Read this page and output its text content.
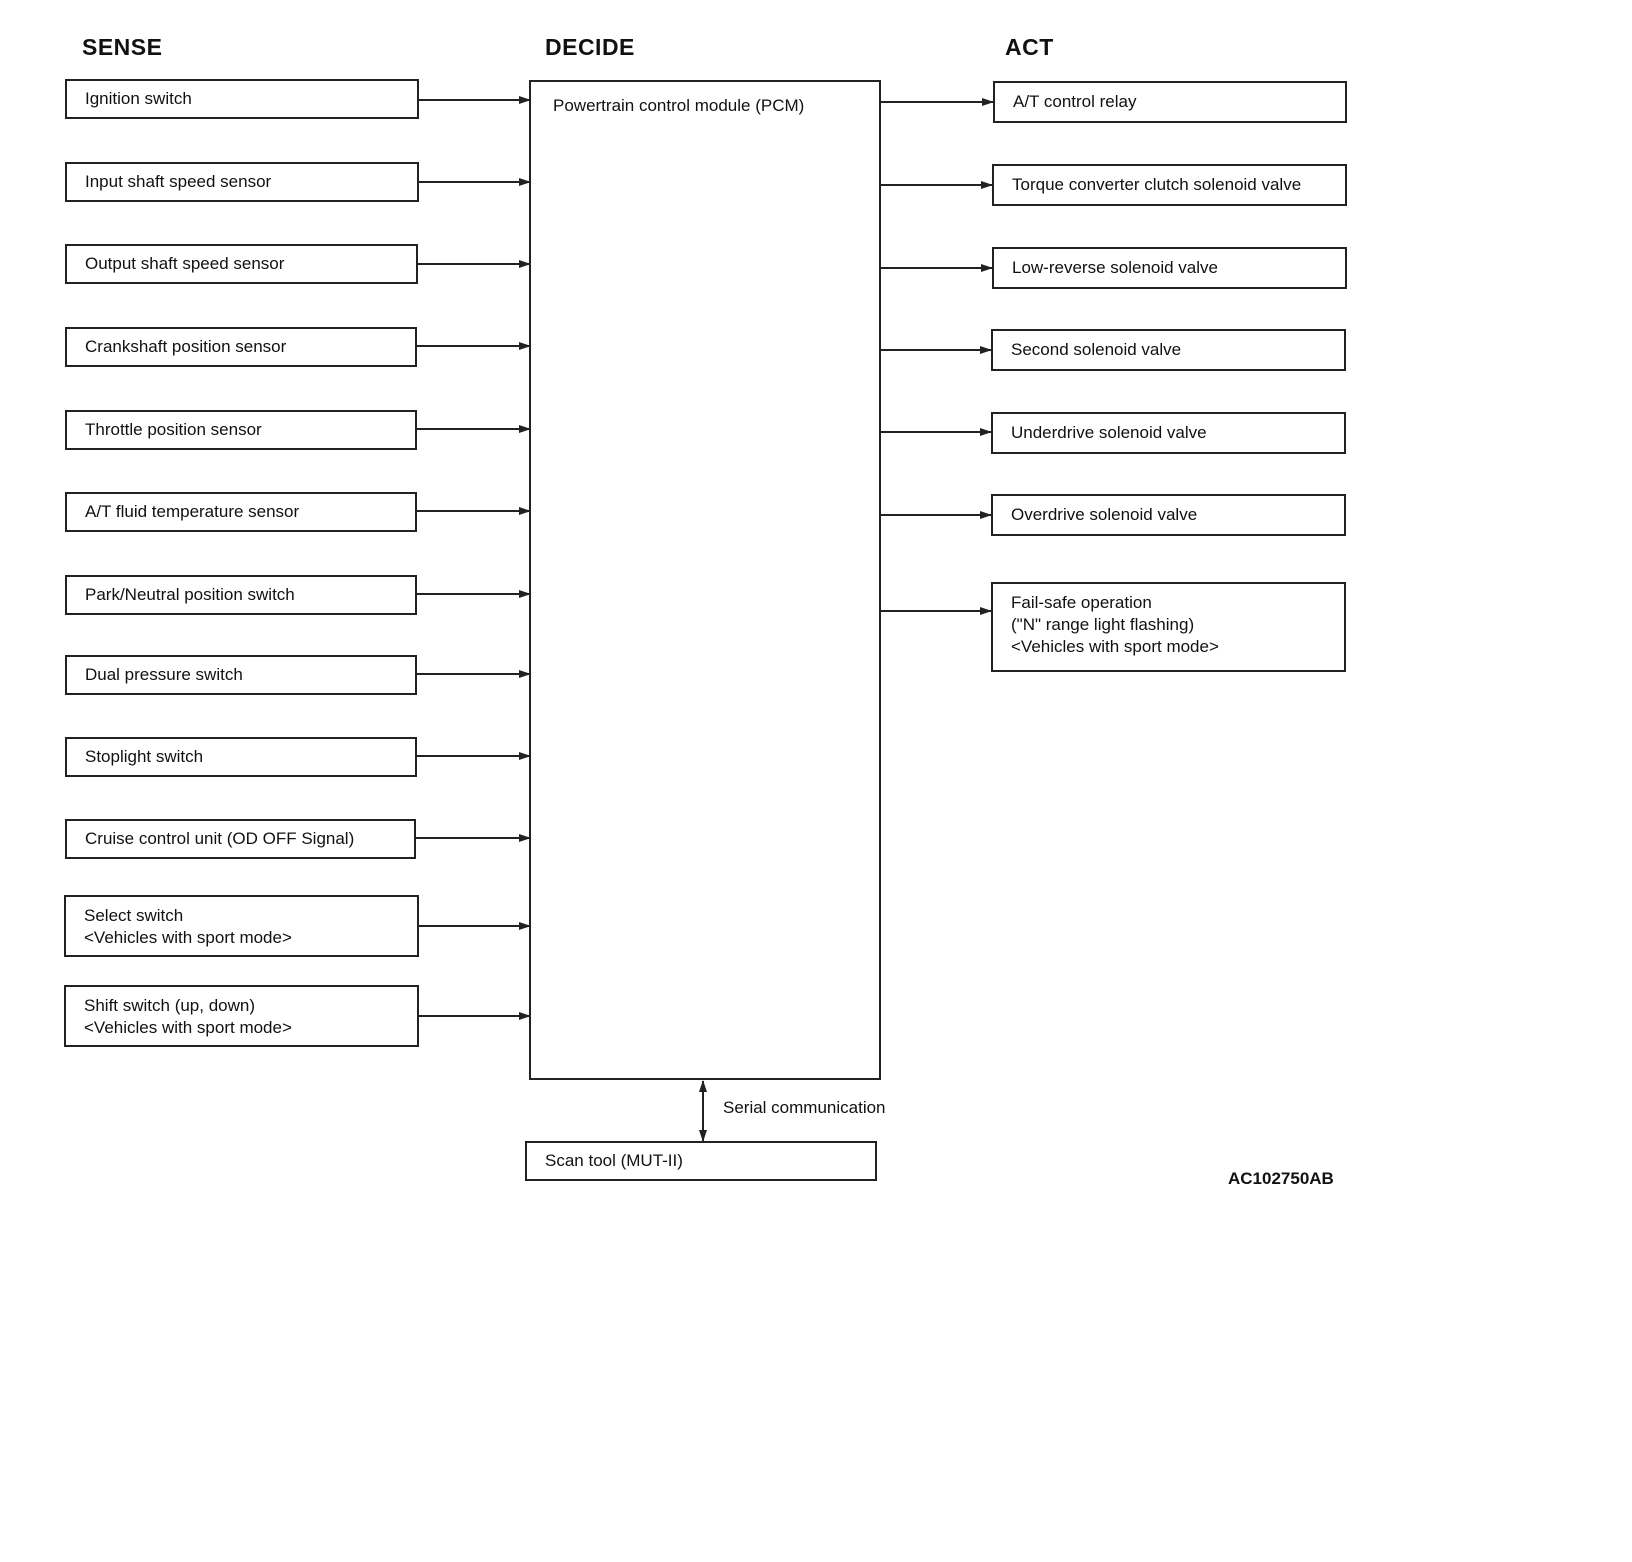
SENSE	DECIDE	ACT
Ignition switch
Input shaft speed sensor
Output shaft speed sensor
Crankshaft position sensor
Throttle position sensor
A/T fluid temperature sensor
Park/Neutral position switch
Dual pressure switch
Stoplight switch
Cruise control unit (OD OFF Signal)
Select switch
<Vehicles with sport mode>
Shift switch (up, down)
<Vehicles with sport mode>
Powertrain control module (PCM)
Serial communication
Scan tool (MUT-II)
A/T control relay
Torque converter clutch solenoid valve
Low-reverse solenoid valve
Second solenoid valve
Underdrive solenoid valve
Overdrive solenoid valve
Fail-safe operation
("N" range light flashing)
<Vehicles with sport mode>
AC102750AB
